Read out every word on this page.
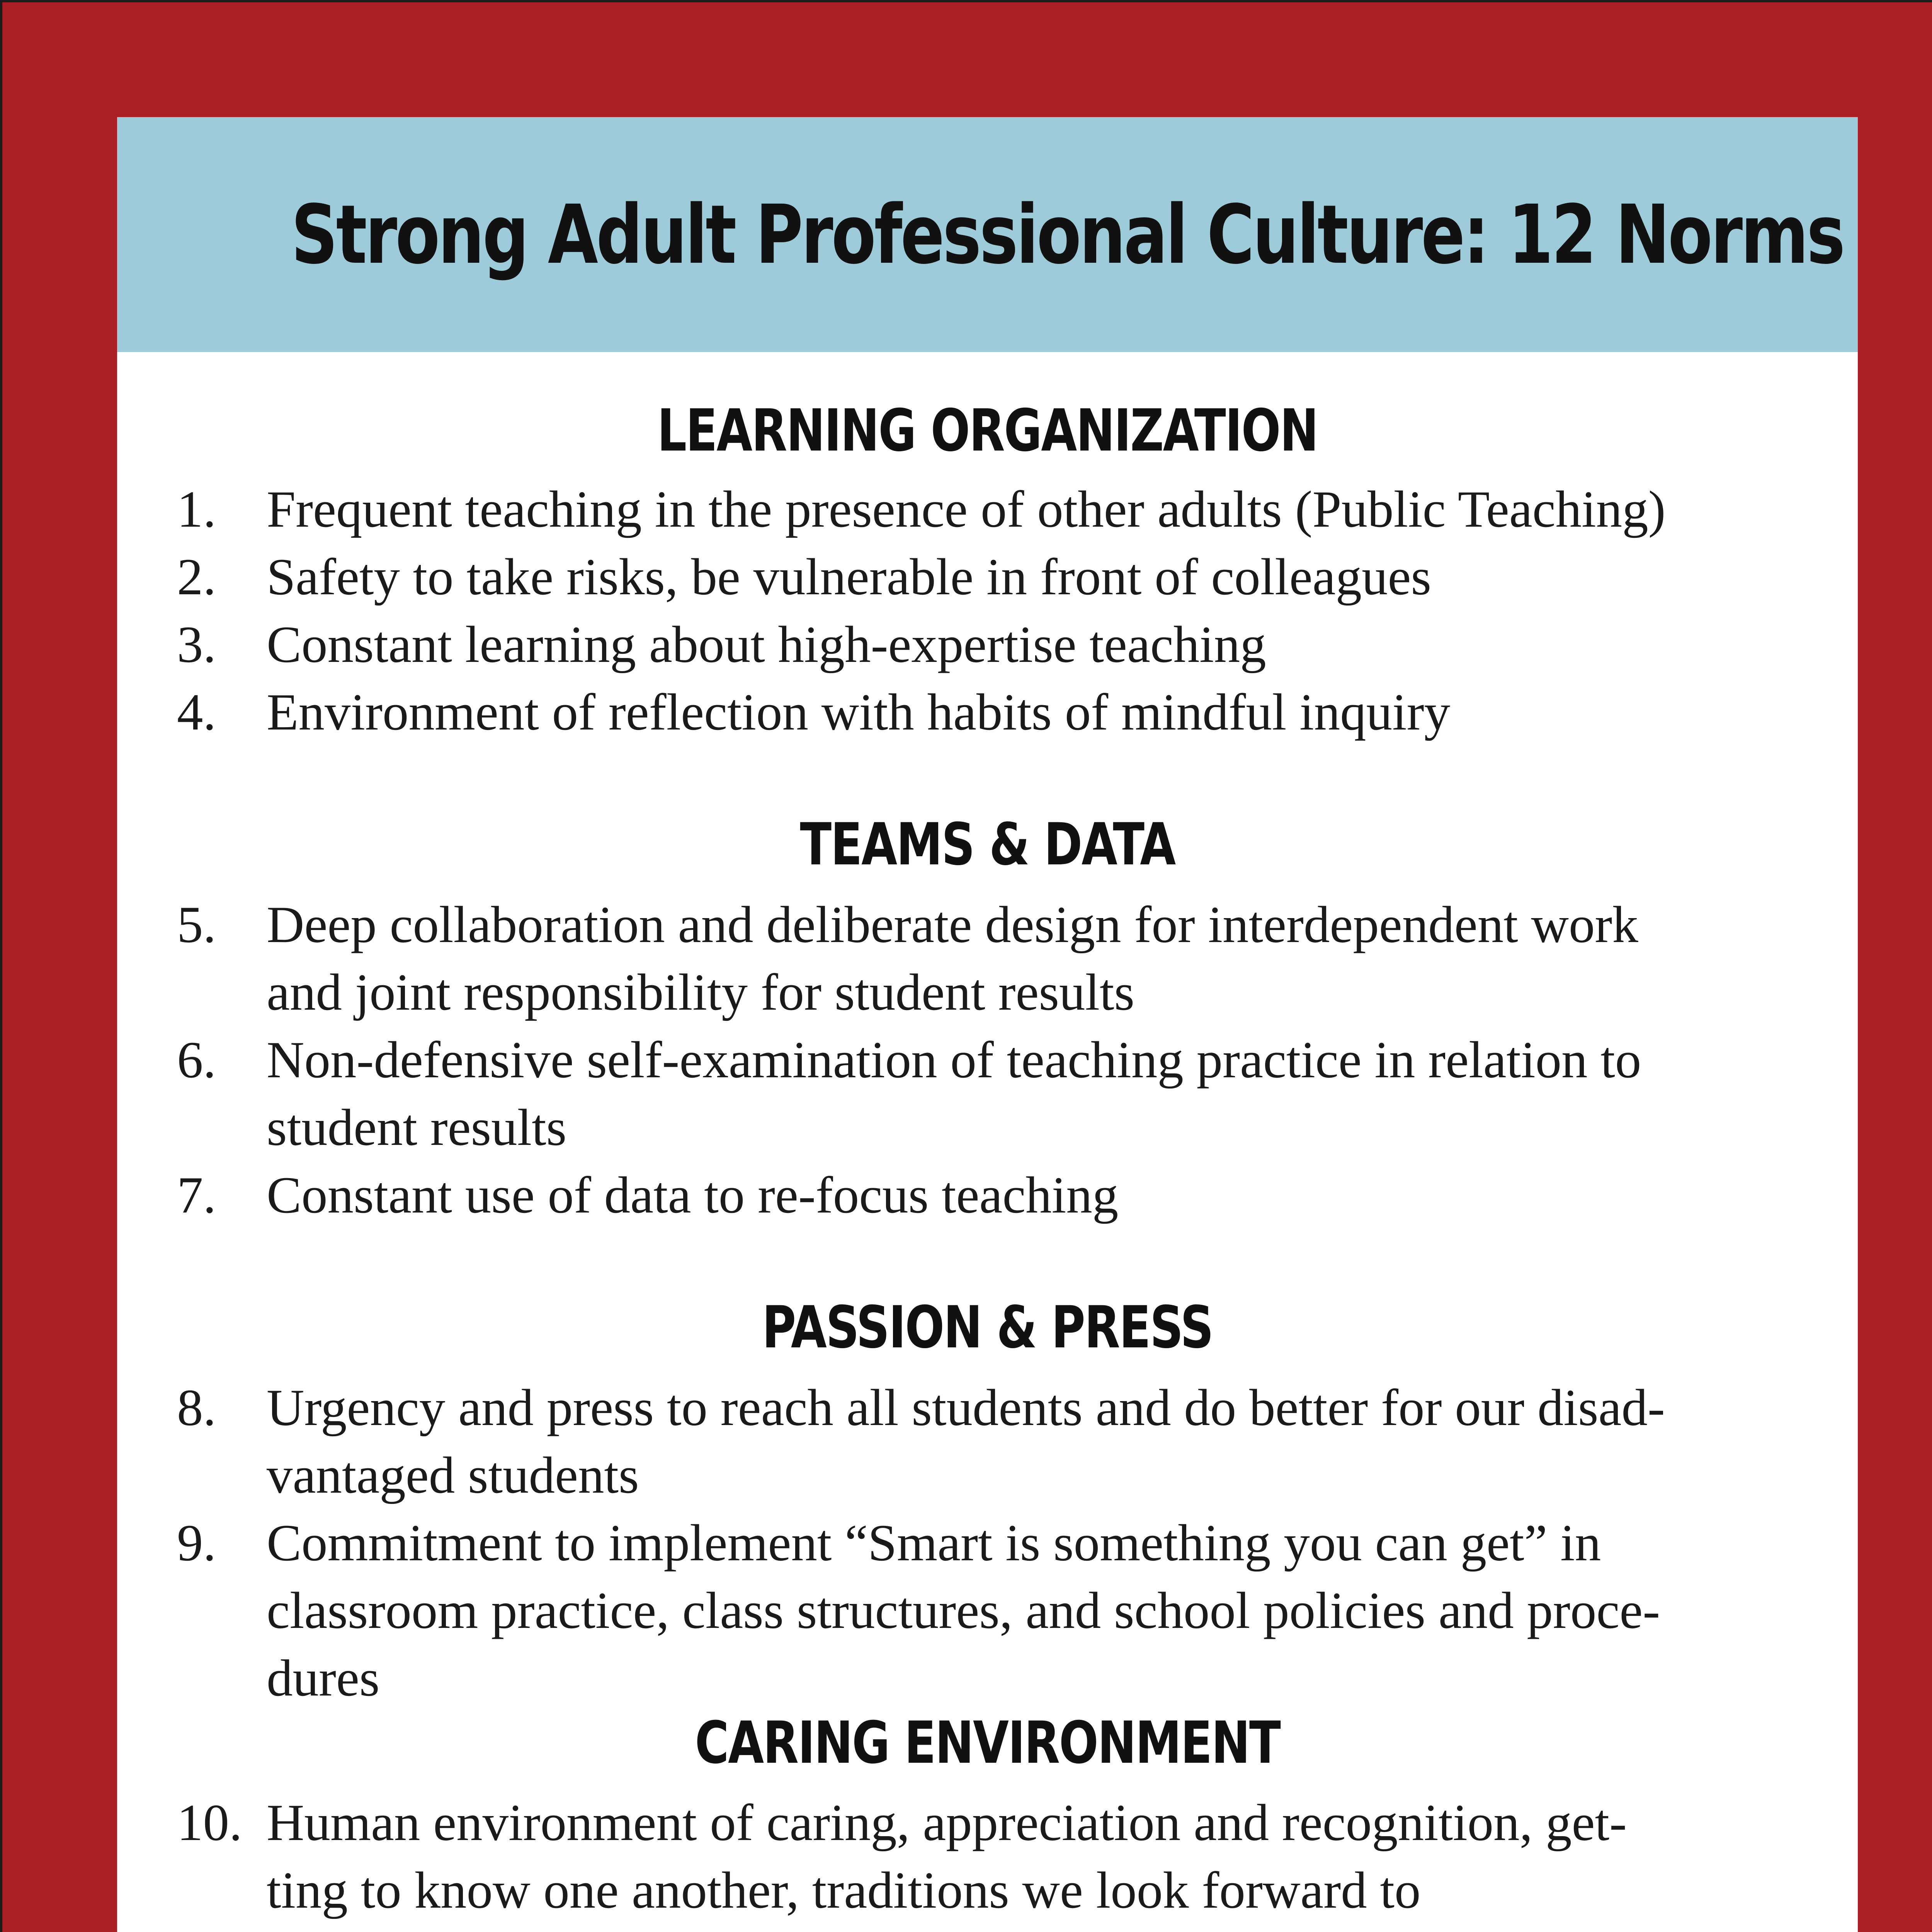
Strong Adult Professional Culture: 12 Norms
LEARNING ORGANIZATION
1. Frequent teaching in the presence of other adults (Public Teaching)
2. Safety to take risks, be vulnerable in front of colleagues
3. Constant learning about high-expertise teaching
4. Environment of reflection with habits of mindful inquiry
TEAMS & DATA
5. Deep collaboration and deliberate design for interdependent work
and joint responsibility for student results
6. Non-defensive self-examination of teaching practice in relation to
student results
7. Constant use of data to re-focus teaching
PASSION & PRESS
8. Urgency and press to reach all students and do better for our disad-
vantaged students
9. Commitment to implement “Smart is something you can get” in
classroom practice, class structures, and school policies and proce-
dures
CARING ENVIRONMENT
10. Human environment of caring, appreciation and recognition, get-
ting to know one another, traditions we look forward to
